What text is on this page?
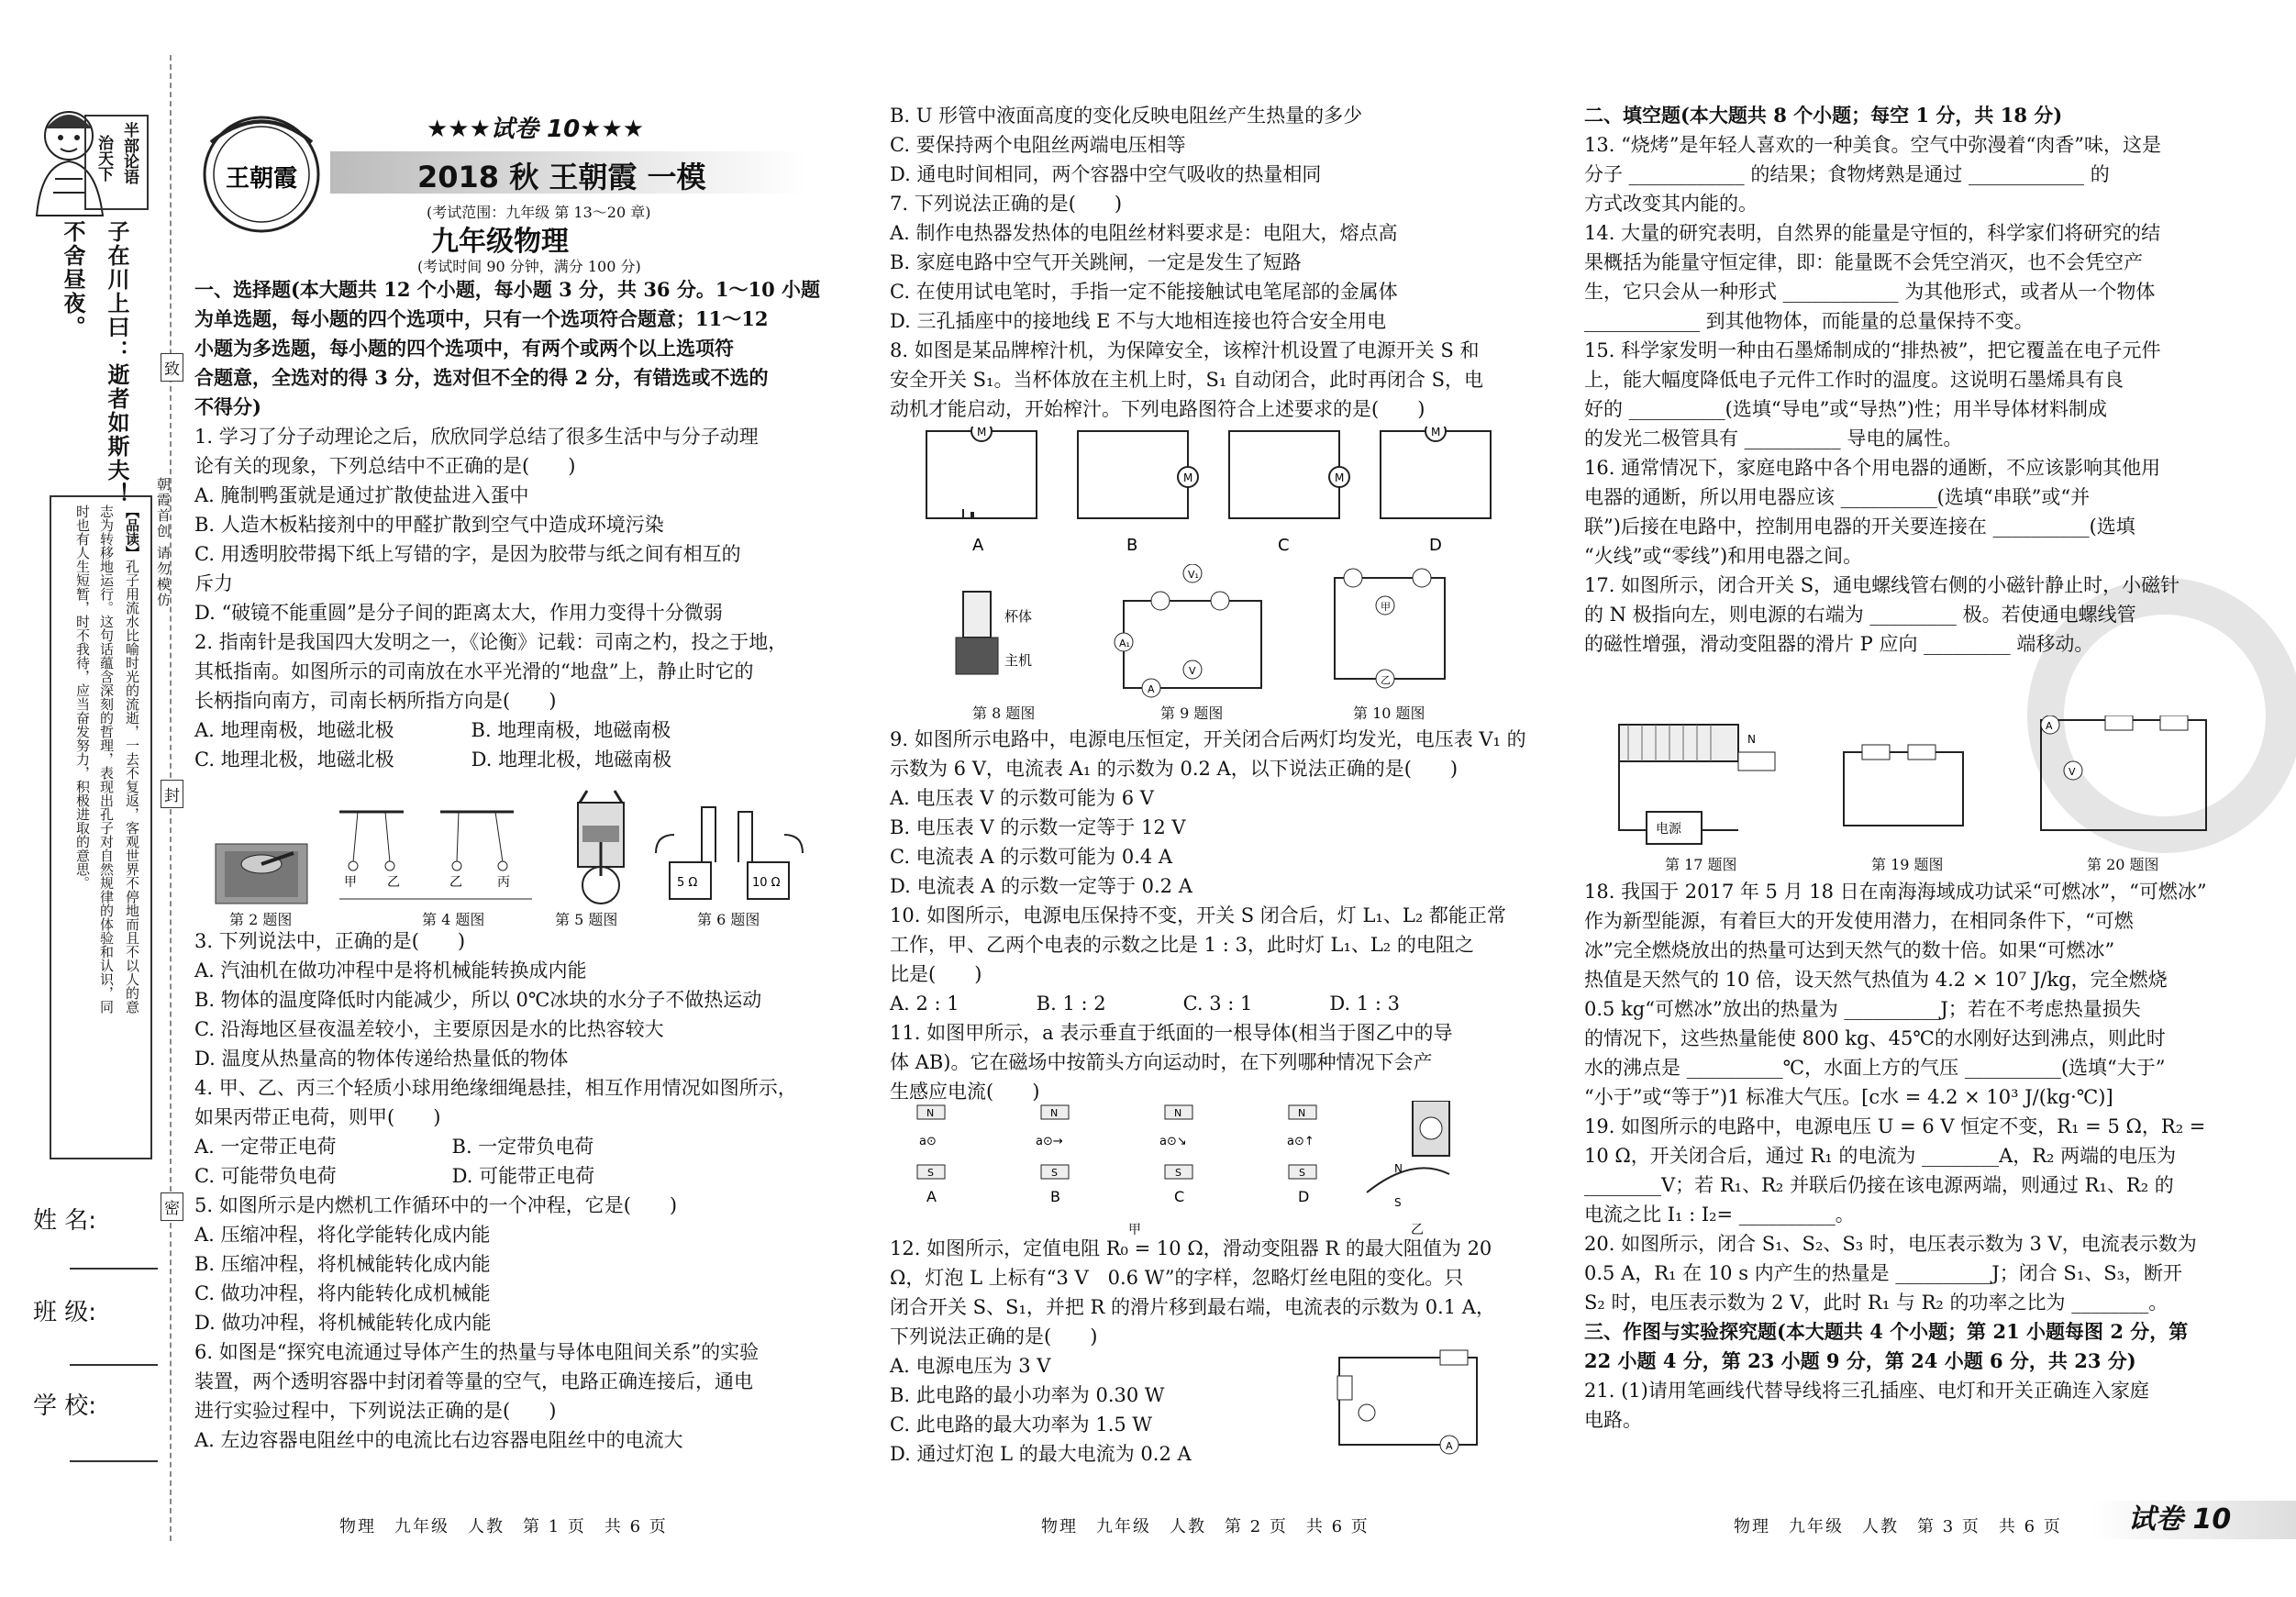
半部论语
治天下
子在川上曰：逝者如斯夫！
不舍昼夜。
【品读】孔子用流水比喻时光的流逝，一去不复返，客观世界不停地而且不以人的意
志为转移地运行。这句话蕴含深刻的哲理，表现出孔子对自然规律的体验和认识，同
时也有人生短暂，时不我待，应当奋发努力，积极进取的意思。	朝霞首创 请勿模仿
姓 名:
班 级:
学 校:
致
封
密
王朝霞
★★★试卷 10★★★
2018 秋 王朝霞 一模
(考试范围：九年级 第 13～20 章)
九年级物理
(考试时间 90 分钟，满分 100 分)
一、选择题(本大题共 12 个小题，每小题 3 分，共 36 分。1～10 小题
为单选题，每小题的四个选项中，只有一个选项符合题意；11～12
小题为多选题，每小题的四个选项中，有两个或两个以上选项符
合题意，全选对的得 3 分，选对但不全的得 2 分，有错选或不选的
不得分)
1. 学习了分子动理论之后，欣欣同学总结了很多生活中与分子动理
论有关的现象，下列总结中不正确的是(　　)
A. 腌制鸭蛋就是通过扩散使盐进入蛋中
B. 人造木板粘接剂中的甲醛扩散到空气中造成环境污染
C. 用透明胶带揭下纸上写错的字，是因为胶带与纸之间有相互的
斥力
D. “破镜不能重圆”是分子间的距离太大，作用力变得十分微弱
2. 指南针是我国四大发明之一，《论衡》记载：司南之杓，投之于地，
其柢指南。如图所示的司南放在水平光滑的“地盘”上，静止时它的
长柄指向南方，司南长柄所指方向是(　　)
A. 地理南极，地磁北极　　　　B. 地理南极，地磁南极
C. 地理北极，地磁北极　　　　D. 地理北极，地磁南极
甲 乙	乙	丙	5 Ω	10 Ω
第 2 题图	第 4 题图	第 5 题图	第 6 题图
3. 下列说法中，正确的是(　　)
A. 汽油机在做功冲程中是将机械能转换成内能
B. 物体的温度降低时内能减少，所以 0℃冰块的水分子不做热运动
C. 沿海地区昼夜温差较小，主要原因是水的比热容较大
D. 温度从热量高的物体传递给热量低的物体
4. 甲、乙、丙三个轻质小球用绝缘细绳悬挂，相互作用情况如图所示，
如果丙带正电荷，则甲(　　)
A. 一定带正电荷　　　　　　B. 一定带负电荷
C. 可能带负电荷　　　　　　D. 可能带正电荷
5. 如图所示是内燃机工作循环中的一个冲程，它是(　　)
A. 压缩冲程，将化学能转化成内能
B. 压缩冲程，将机械能转化成内能
C. 做功冲程，将内能转化成机械能
D. 做功冲程，将机械能转化成内能
6. 如图是“探究电流通过导体产生的热量与导体电阻间关系”的实验
装置，两个透明容器中封闭着等量的空气，电路正确连接后，通电
进行实验过程中，下列说法正确的是(　　)
A. 左边容器电阻丝中的电流比右边容器电阻丝中的电流大
物理　九年级　人教　第 1 页　共 6 页
B. U 形管中液面高度的变化反映电阻丝产生热量的多少
C. 要保持两个电阻丝两端电压相等
D. 通电时间相同，两个容器中空气吸收的热量相同
7. 下列说法正确的是(　　)
A. 制作电热器发热体的电阻丝材料要求是：电阻大，熔点高
B. 家庭电路中空气开关跳闸，一定是发生了短路
C. 在使用试电笔时，手指一定不能接触试电笔尾部的金属体
D. 三孔插座中的接地线 E 不与大地相连接也符合安全用电
8. 如图是某品牌榨汁机，为保障安全，该榨汁机设置了电源开关 S 和
安全开关 S₁。当杯体放在主机上时，S₁ 自动闭合，此时再闭合 S，电
动机才能启动，开始榨汁。下列电路图符合上述要求的是(　　)
M
M	M
M
A	B	C	D
杯体
主机
V₁
A₁
A
V
甲
乙
第 8 题图	第 9 题图	第 10 题图
9. 如图所示电路中，电源电压恒定，开关闭合后两灯均发光，电压表 V₁ 的
示数为 6 V，电流表 A₁ 的示数为 0.2 A，以下说法正确的是(　　)
A. 电压表 V 的示数可能为 6 V
B. 电压表 V 的示数一定等于 12 V
C. 电流表 A 的示数可能为 0.4 A
D. 电流表 A 的示数一定等于 0.2 A
10. 如图所示，电源电压保持不变，开关 S 闭合后，灯 L₁、L₂ 都能正常
工作，甲、乙两个电表的示数之比是 1 : 3，此时灯 L₁、L₂ 的电阻之
比是(　　)
A. 2 : 1　　　　B. 1 : 2　　　　C. 3 : 1　　　　D. 1 : 3
11. 如图甲所示，a 表示垂直于纸面的一根导体(相当于图乙中的导
体 AB)。它在磁场中按箭头方向运动时，在下列哪种情况下会产
生感应电流(　　)
N
S
a⊙
N
S
a⊙→
N
S
a⊙↘
N
S
a⊙↑
N
S
A	B	C	D
甲	乙
12. 如图所示，定值电阻 R₀ = 10 Ω，滑动变阻器 R 的最大阻值为 20
Ω，灯泡 L 上标有“3 V　0.6 W”的字样，忽略灯丝电阻的变化。只
闭合开关 S、S₁，并把 R 的滑片移到最右端，电流表的示数为 0.1 A，
下列说法正确的是(　　)
A. 电源电压为 3 V
B. 此电路的最小功率为 0.30 W
C. 此电路的最大功率为 1.5 W
D. 通过灯泡 L 的最大电流为 0.2 A	A
物理　九年级　人教　第 2 页　共 6 页
二、填空题(本大题共 8 个小题；每空 1 分，共 18 分)
13. “烧烤”是年轻人喜欢的一种美食。空气中弥漫着“肉香”味，这是
分子 ____________ 的结果；食物烤熟是通过 ____________ 的
方式改变其内能的。
14. 大量的研究表明，自然界的能量是守恒的，科学家们将研究的结
果概括为能量守恒定律，即：能量既不会凭空消灭，也不会凭空产
生，它只会从一种形式 ____________ 为其他形式，或者从一个物体
____________ 到其他物体，而能量的总量保持不变。
15. 科学家发明一种由石墨烯制成的“排热被”，把它覆盖在电子元件
上，能大幅度降低电子元件工作时的温度。这说明石墨烯具有良
好的 __________(选填“导电”或“导热”)性；用半导体材料制成
的发光二极管具有 __________ 导电的属性。
16. 通常情况下，家庭电路中各个用电器的通断，不应该影响其他用
电器的通断，所以用电器应该 __________(选填“串联”或“并
联”)后接在电路中，控制用电器的开关要连接在 __________(选填
“火线”或“零线”)和用电器之间。
17. 如图所示，闭合开关 S，通电螺线管右侧的小磁针静止时，小磁针
的 N 极指向左，则电源的右端为 _________ 极。若使通电螺线管
的磁性增强，滑动变阻器的滑片 P 应向 _________ 端移动。
电源
N
A
V
第 17 题图	第 19 题图	第 20 题图
18. 我国于 2017 年 5 月 18 日在南海海域成功试采“可燃冰”，“可燃冰”
作为新型能源，有着巨大的开发使用潜力，在相同条件下，“可燃
冰”完全燃烧放出的热量可达到天然气的数十倍。如果“可燃冰”
热值是天然气的 10 倍，设天然气热值为 4.2 × 10⁷ J/kg，完全燃烧
0.5 kg“可燃冰”放出的热量为 __________J；若在不考虑热量损失
的情况下，这些热量能使 800 kg、45℃的水刚好达到沸点，则此时
水的沸点是 __________℃，水面上方的气压 __________(选填“大于”
“小于”或“等于”)1 标准大气压。[c水 = 4.2 × 10³ J/(kg·℃)]
19. 如图所示的电路中，电源电压 U = 6 V 恒定不变，R₁ = 5 Ω，R₂ =
10 Ω，开关闭合后，通过 R₁ 的电流为 ________A，R₂ 两端的电压为
________V；若 R₁、R₂ 并联后仍接在该电源两端，则通过 R₁、R₂ 的
电流之比 I₁ : I₂= __________。
20. 如图所示，闭合 S₁、S₂、S₃ 时，电压表示数为 3 V，电流表示数为
0.5 A，R₁ 在 10 s 内产生的热量是 __________J；闭合 S₁、S₃，断开
S₂ 时，电压表示数为 2 V，此时 R₁ 与 R₂ 的功率之比为 ________。
三、作图与实验探究题(本大题共 4 个小题；第 21 小题每图 2 分，第
22 小题 4 分，第 23 小题 9 分，第 24 小题 6 分，共 23 分)
21. (1)请用笔画线代替导线将三孔插座、电灯和开关正确连入家庭
电路。
物理　九年级　人教　第 3 页　共 6 页	试卷 10
